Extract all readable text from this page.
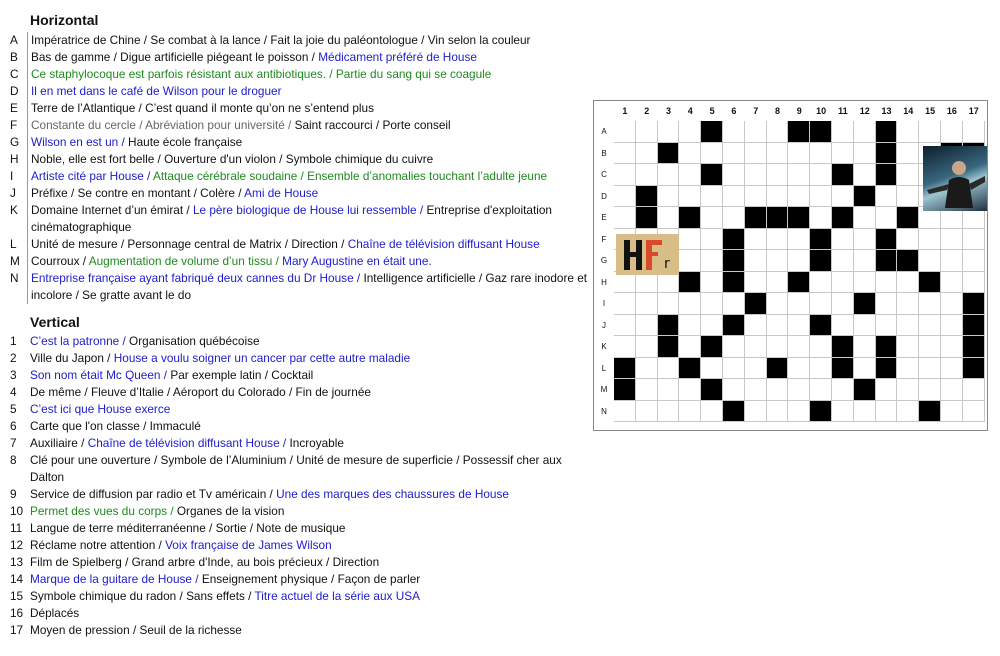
Horizontal
A	Impératrice de Chine / Se combat à la lance / Fait la joie du paléontologue / Vin selon la couleur
B	Bas de gamme / Digue artificielle piégeant le poisson / Médicament préféré de House
C	Ce staphylocoque est parfois résistant aux antibiotiques. / Partie du sang qui se coagule
D	Il en met dans le café de Wilson pour le droguer
E	Terre de l’Atlantique / C’est quand il monte qu’on ne s’entend plus
F	Constante du cercle / Abréviation pour université / Saint raccourci / Porte conseil
G	Wilson en est un / Haute école française
H	Noble, elle est fort belle / Ouverture d'un violon / Symbole chimique du cuivre
I	Artiste cité par House / Attaque cérébrale soudaine / Ensemble d’anomalies touchant l’adulte jeune
J	Préfixe / Se contre en montant / Colère / Ami de House
K	Domaine Internet d’un émirat / Le père biologique de House lui ressemble / Entreprise d'exploitation cinématographique
L	Unité de mesure / Personnage central de Matrix / Direction / Chaîne de télévision diffusant House
M Courroux / Augmentation de volume d’un tissu / Mary Augustine en était une.
N	Entreprise française ayant fabriqué deux cannes du Dr House / Intelligence artificielle / Gaz rare inodore et incolore / Se gratte avant le do
Vertical
1	C’est la patronne / Organisation québécoise
2	Ville du Japon / House a voulu soigner un cancer par cette autre maladie
3	Son nom était Mc Queen / Par exemple latin / Cocktail
4	De même / Fleuve d’Italie / Aéroport du Colorado / Fin de journée
5	C’est ici que House exerce
6	Carte que l'on classe / Immaculé
7	Auxiliaire / Chaîne de télévision diffusant House / Incroyable
8	Clé pour une ouverture / Symbole de l’Aluminium / Unité de mesure de superficie / Possessif cher aux Dalton
9	Service de diffusion par radio et Tv américain / Une des marques des chaussures de House
10 Permet des vues du corps / Organes de la vision
11 Langue de terre méditerranéenne / Sortie / Note de musique
12 Réclame notre attention / Voix française de James Wilson
13 Film de Spielberg / Grand arbre d'Inde, au bois précieux / Direction
14 Marque de la guitare de House / Enseignement physique / Façon de parler
15 Symbole chimique du radon / Sans effets / Titre actuel de la série aux USA
16 Déplacés
17 Moyen de pression / Seuil de la richesse
1	2	3	4	5	6	7	8	9	10	11	12	13	14	15	16	17
A
B
C
D
E
F
G
H
I
J
K
L
M
N
r
